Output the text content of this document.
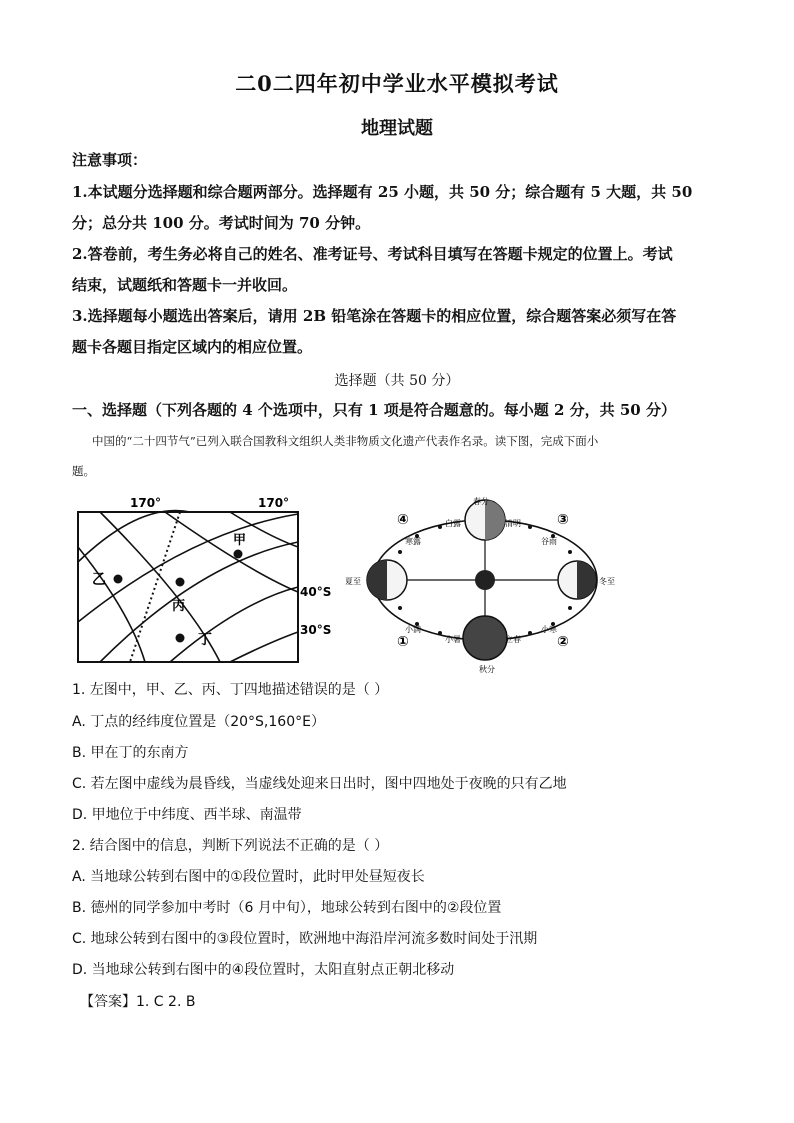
二0二四年初中学业水平模拟考试
地理试题
注意事项：
1.本试题分选择题和综合题两部分。选择题有 25 小题，共 50 分；综合题有 5 大题，共 50
分；总分共 100 分。考试时间为 70 分钟。
2.答卷前，考生务必将自己的姓名、准考证号、考试科目填写在答题卡规定的位置上。考试
结束，试题纸和答题卡一并收回。
3.选择题每小题选出答案后，请用 2B 铅笔涂在答题卡的相应位置，综合题答案必须写在答
题卡各题目指定区域内的相应位置。
选择题（共 50 分）
一、选择题（下列各题的 4 个选项中，只有 1 项是符合题意的。每小题 2 分，共 50 分）
中国的“二十四节气”已列入联合国教科文组织人类非物质文化遗产代表作名录。读下图，完成下面小
题。
170°	170°
40°S
30°S
甲
乙
丙
丁
春分
冬至
秋分
夏至
清明
白露
谷雨
寒露
小寒
小满
立春
小暑
④	③
①	②
1. 左图中，甲、乙、丙、丁四地描述错误的是（ ）
A. 丁点的经纬度位置是（20°S,160°E）
B. 甲在丁的东南方
C. 若左图中虚线为晨昏线，当虚线处迎来日出时，图中四地处于夜晚的只有乙地
D. 甲地位于中纬度、西半球、南温带
2. 结合图中的信息，判断下列说法不正确的是（ ）
A. 当地球公转到右图中的①段位置时，此时甲处昼短夜长
B. 德州的同学参加中考时（6 月中旬），地球公转到右图中的②段位置
C. 地球公转到右图中的③段位置时，欧洲地中海沿岸河流多数时间处于汛期
D. 当地球公转到右图中的④段位置时，太阳直射点正朝北移动
【答案】1. C 2. B
